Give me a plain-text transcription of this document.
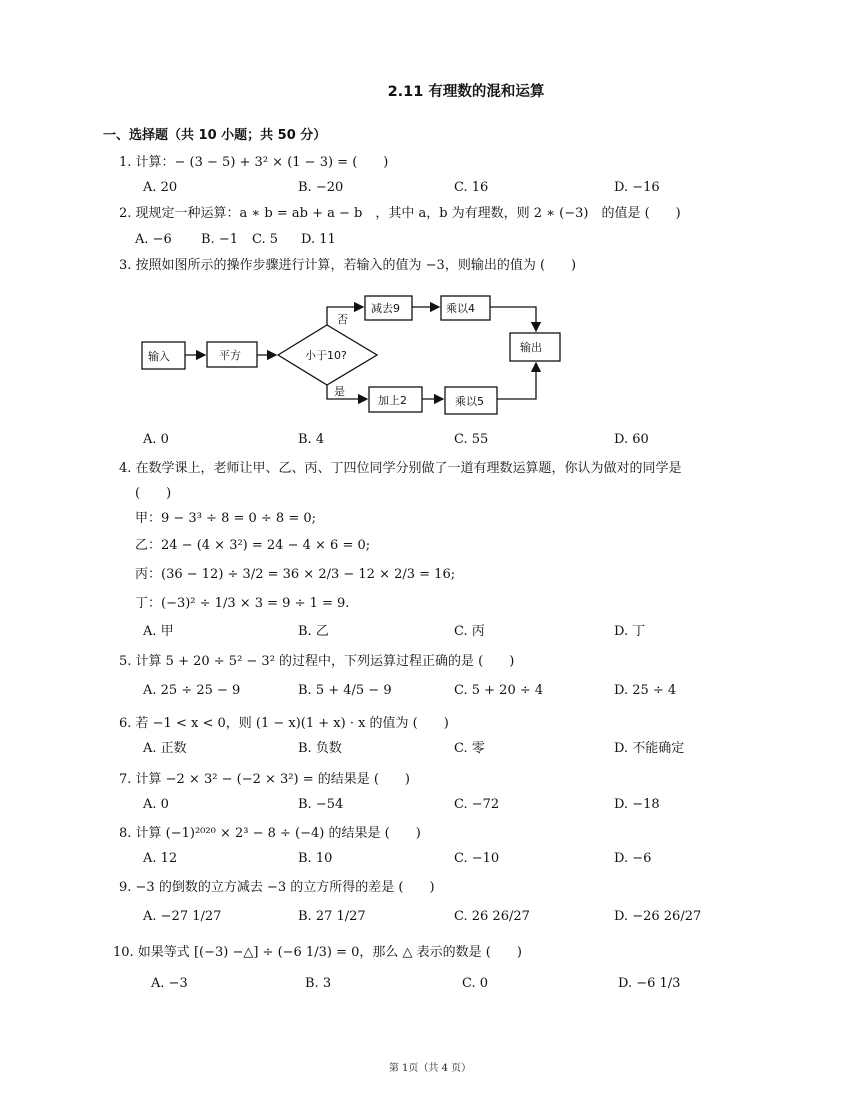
2.11 有理数的混和运算
一、选择题（共 10 小题；共 50 分）
1. 计算：− (3 − 5) + 3² × (1 − 3) = (　　)
A. 20	B. −20	C. 16	D. −16
2. 现规定一种运算：a ∗ b = ab + a − b　，其中 a，b 为有理数，则 2 ∗ (−3)　的值是 (　　)
A. −6 B. −1 C. 5 D. 11
3. 按照如图所示的操作步骤进行计算，若输入的值为 −3，则输出的值为 (　　)
输入	平方	小于10?
否
是
减去9	乘以4
加上2	乘以5
输出
A. 0	B. 4	C. 55	D. 60
4. 在数学课上，老师让甲、乙、丙、丁四位同学分别做了一道有理数运算题，你认为做对的同学是
(　　)
甲：9 − 3³ ÷ 8 = 0 ÷ 8 = 0;
乙：24 − (4 × 3²) = 24 − 4 × 6 = 0;
丙：(36 − 12) ÷ 3/2 = 36 × 2/3 − 12 × 2/3 = 16;
丁：(−3)² ÷ 1/3 × 3 = 9 ÷ 1 = 9.
A. 甲	B. 乙	C. 丙	D. 丁
5. 计算 5 + 20 ÷ 5² − 3² 的过程中，下列运算过程正确的是 (　　)
A. 25 ÷ 25 − 9	B. 5 + 4/5 − 9	C. 5 + 20 ÷ 4	D. 25 ÷ 4
6. 若 −1 < x < 0，则 (1 − x)(1 + x) · x 的值为 (　　)
A. 正数	B. 负数	C. 零	D. 不能确定
7. 计算 −2 × 3² − (−2 × 3²) = 的结果是 (　　)
A. 0	B. −54	C. −72	D. −18
8. 计算 (−1)²⁰²⁰ × 2³ − 8 ÷ (−4) 的结果是 (　　)
A. 12	B. 10	C. −10	D. −6
9. −3 的倒数的立方减去 −3 的立方所得的差是 (　　)
A. −27 1/27	B. 27 1/27	C. 26 26/27	D. −26 26/27
10. 如果等式 [(−3) −△] ÷ (−6 1/3) = 0，那么 △ 表示的数是 (　　)
A. −3	B. 3	C. 0	D. −6 1/3
第 1页（共 4 页）
